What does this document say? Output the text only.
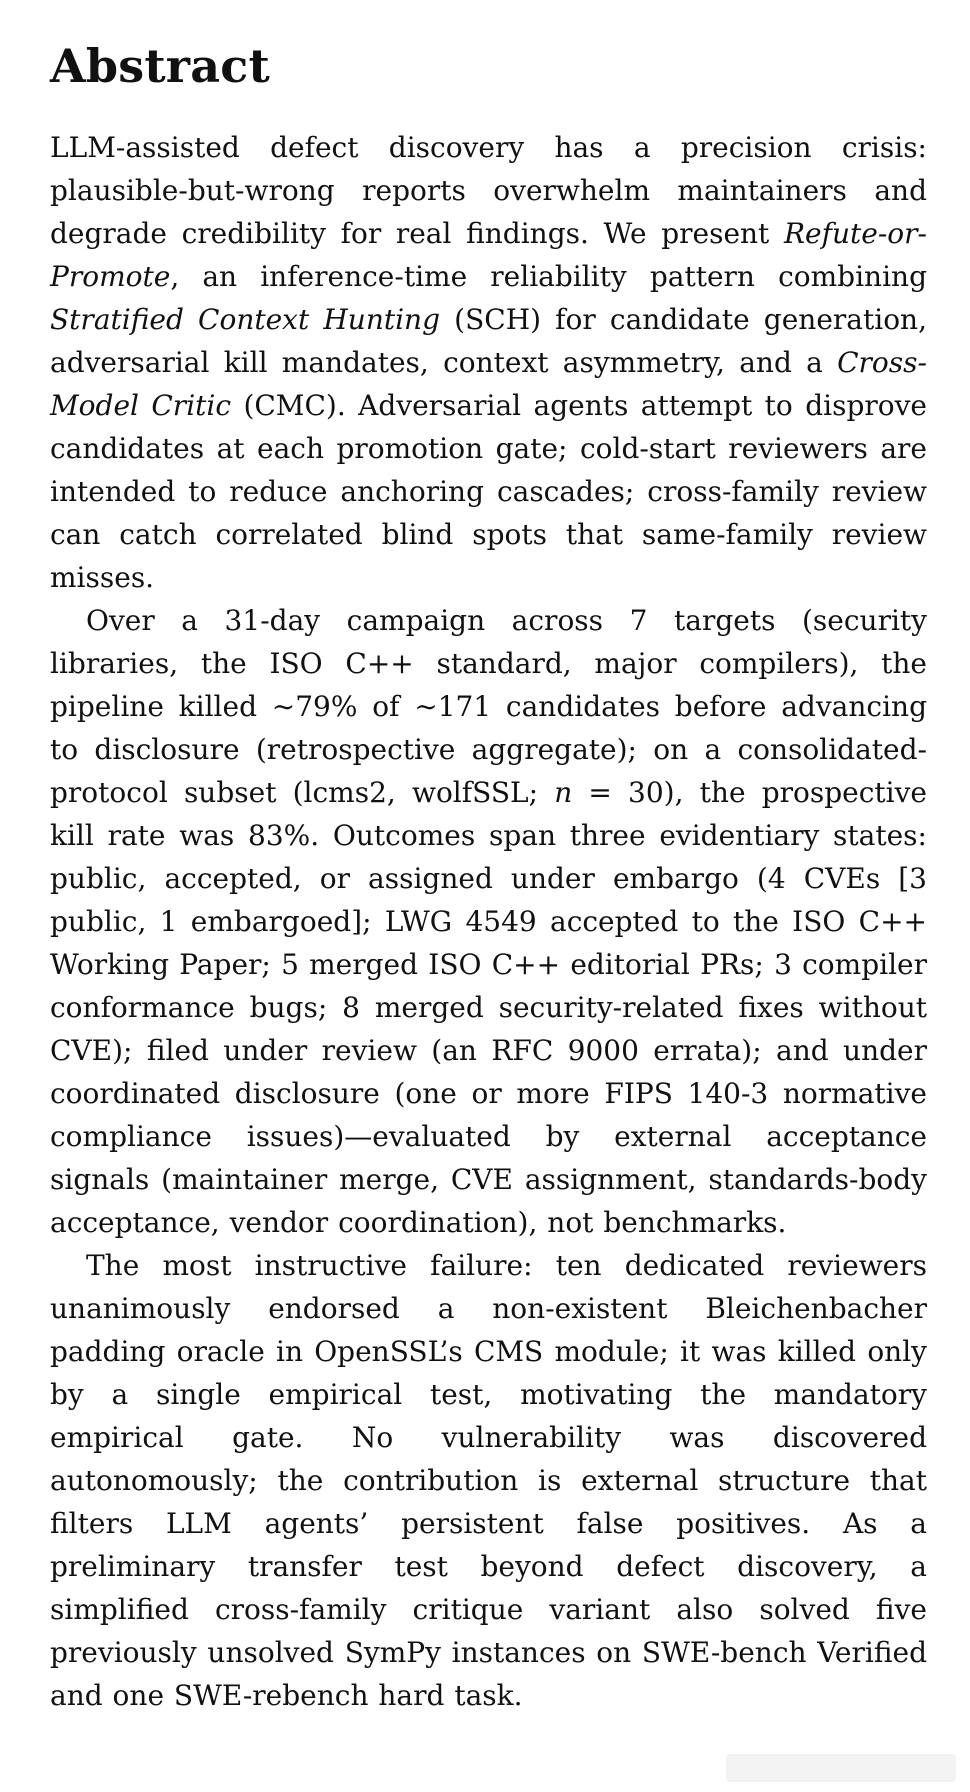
Abstract

LLM-assisted defect discovery has a precision crisis: plausible-but-wrong reports overwhelm maintainers and degrade credibility for real findings. We present Refute-or-Promote, an inference-time reliability pattern combining Stratified Context Hunting (SCH) for candidate generation, adversarial kill mandates, context asymmetry, and a Cross-Model Critic (CMC). Adversarial agents attempt to disprove candidates at each promotion gate; cold-start reviewers are intended to reduce anchoring cascades; cross-family review can catch correlated blind spots that same-family review misses.

Over a 31-day campaign across 7 targets (security libraries, the ISO C++ standard, major compilers), the pipeline killed ∼79% of ∼171 candidates before advancing to disclosure (retrospective aggregate); on a consolidated-protocol subset (lcms2, wolfSSL; n = 30), the prospective kill rate was 83%. Outcomes span three evidentiary states: public, accepted, or assigned under embargo (4 CVEs [3 public, 1 embargoed]; LWG 4549 accepted to the ISO C++ Working Paper; 5 merged ISO C++ editorial PRs; 3 compiler conformance bugs; 8 merged security-related fixes without CVE); filed under review (an RFC 9000 errata); and under coordinated disclosure (one or more FIPS 140-3 normative compliance issues)—evaluated by external acceptance signals (maintainer merge, CVE assignment, standards-body acceptance, vendor coordination), not benchmarks.

The most instructive failure: ten dedicated reviewers unanimously endorsed a non-existent Bleichenbacher padding oracle in OpenSSL’s CMS module; it was killed only by a single empirical test, motivating the mandatory empirical gate. No vulnerability was discovered autonomously; the contribution is external structure that filters LLM agents’ persistent false positives. As a preliminary transfer test beyond defect discovery, a simplified cross-family critique variant also solved five previously unsolved SymPy instances on SWE-bench Verified and one SWE-rebench hard task.
